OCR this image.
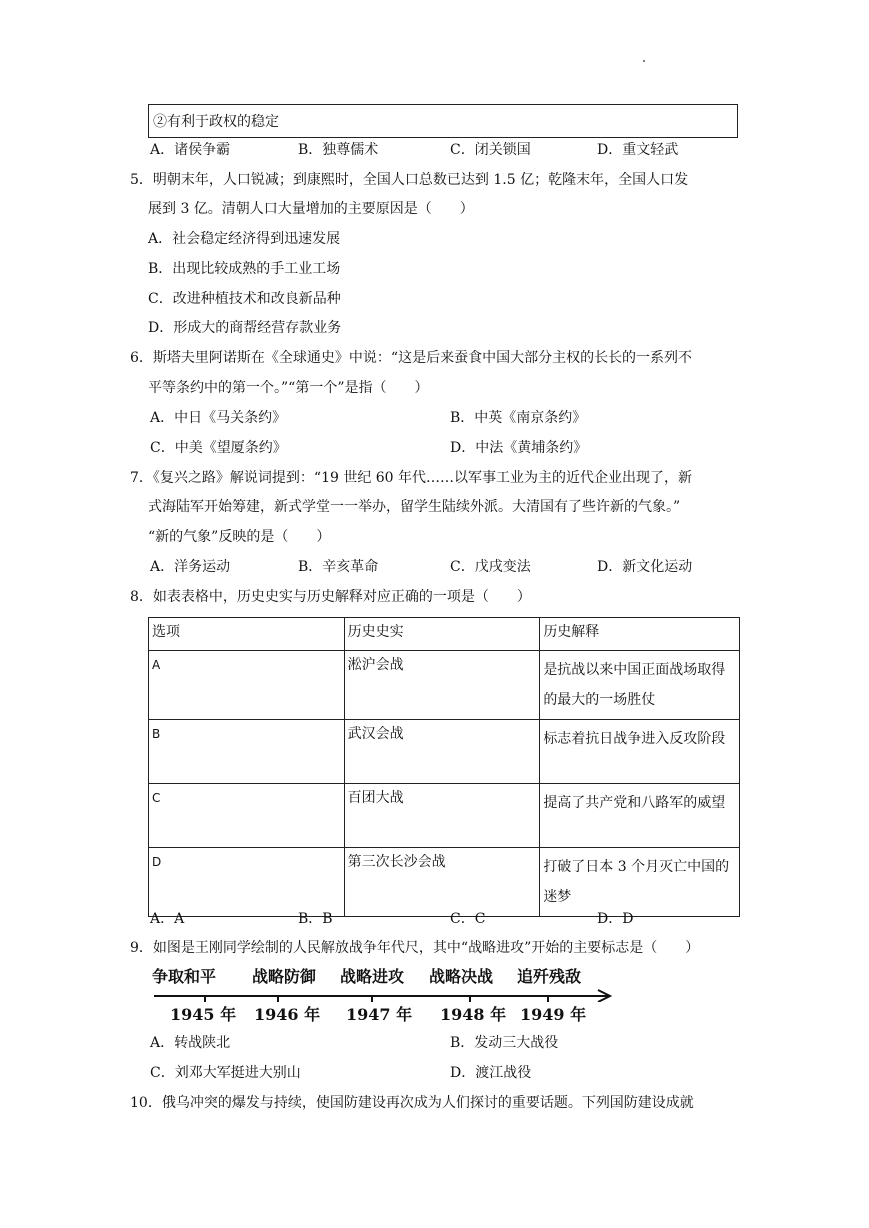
②有利于政权的稳定
A．诸侯争霸	B．独尊儒术	C．闭关锁国	D．重文轻武
5．明朝末年，人口锐减；到康熙时，全国人口总数已达到 1.5 亿；乾隆末年，全国人口发
展到 3 亿。清朝人口大量增加的主要原因是（　　）
A．社会稳定经济得到迅速发展
B．出现比较成熟的手工业工场
C．改进种植技术和改良新品种
D．形成大的商帮经营存款业务
6．斯塔夫里阿诺斯在《全球通史》中说：“这是后来蚕食中国大部分主权的长长的一系列不
平等条约中的第一个。”“第一个”是指（　　）
A．中日《马关条约》	B．中英《南京条约》
C．中美《望厦条约》	D．中法《黄埔条约》
7．《复兴之路》解说词提到：“19 世纪 60 年代……以军事工业为主的近代企业出现了，新
式海陆军开始筹建，新式学堂一一举办，留学生陆续外派。大清国有了些许新的气象。”
“新的气象”反映的是（　　）
A．洋务运动	B．辛亥革命	C．戊戌变法	D．新文化运动
8．如表表格中，历史史实与历史解释对应正确的一项是（　　）
选项	历史史实	历史解释
A	淞沪会战	是抗战以来中国正面战场取得的最大的一场胜仗
B	武汉会战	标志着抗日战争进入反攻阶段
C	百团大战	提高了共产党和八路军的威望
D	第三次长沙会战	打破了日本 3 个月灭亡中国的迷梦
A．A	B．B	C．C	D．D
9．如图是王刚同学绘制的人民解放战争年代尺，其中“战略进攻”开始的主要标志是（　　）
争取和平 战略防御 战略进攻 战略决战 追歼残敌
1945 年 1946 年 1947 年 1948 年 1949 年
A．转战陕北	B．发动三大战役
C．刘邓大军挺进大别山	D．渡江战役
10．俄乌冲突的爆发与持续，使国防建设再次成为人们探讨的重要话题。下列国防建设成就
